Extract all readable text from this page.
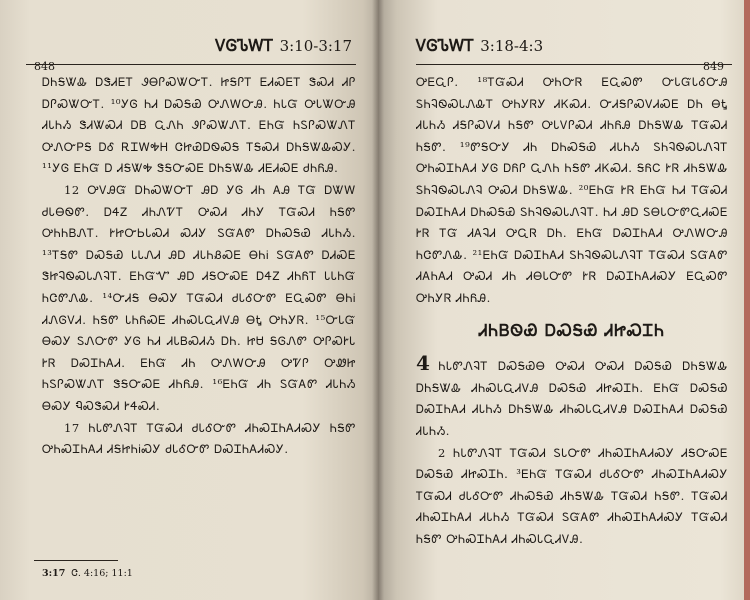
848
ᏙᎶᏖᎳᎢ 3:10-3:17

ᎠᏂᎦᏔᎲ ᎠᏕᏗᎬᎢ ᏭᎾᎵᏍᏔᏅᎢ. ᏥᎦᎵᎢ ᎬᏗᏍᎬᎢ ᏕᏍᏗ ᏗᎵ ᎠᎵᏍᏔᏅᎢ. ¹⁰ᎩᎶ ᏂᏗ ᎠᏍᎦᏯ ᎤᏁᎳᏅᎯ. ᏂᏓᏳ ᎤᏓᏔᏅᎯ ᏗᏓᏂᏱ ᏕᏗᏔᏍᏗ ᎠᏴ ᏩᏁᏂ ᏭᎵᏍᏔᏁᎢ. ᎬᏂᏳ ᏂᏚᎵᏍᏔᏁᎢ ᎤᏁᏅᏢᎦ ᎠᎴ ᎡᏆᎳᎭᎻ ᏣᏥᏯᎠᏫᏍᎦ ᎢᎦᏍᏗ ᎠᏂᎦᏔᎲᏍᎩ. ¹¹ᎩᎶ ᎬᏂᏳ Ꭰ ᏗᎦᏔᎭ ᏕᎦᏅᏍᎬ ᎠᏂᎦᏔᎲ ᏗᎬᏗᏍᎬ ᏧᏂᏲᎯ.

12 ᎤᏙᎯᏳ ᎠᏂᏍᏔᏅᎢ ᎯᎠ ᎩᎶ ᏗᏂ ᎪᎯ ᎢᏳ ᎠᏔᎳ ᏧᏓᎾᏫᏛ. ᎠᏎᏃ ᏗᏂᏁᏤᎢ ᎤᏍᏗ ᏗᏂᎩ ᎢᏳᏍᏗ ᏂᎦᏛ ᎤᏂᏂᏴᏁᎢ. ᎨᏥᏅᏏᏓᏍᏗ ᏍᏗᎩ ᏚᏳᎪᏛ ᎠᏂᏍᎦᏯ ᏗᏓᏂᏱ. ¹³ᎢᎦᏛ ᎠᏍᎦᏯ ᏓᏓᏁᏗ ᎯᎠ ᏗᏓᏂᏰᏍᎬ ᎾᏂᎥ ᏚᏳᎪᏛ ᎠᏗᏍᎬ ᏕᏥᎸᏫᏍᏓᏁᎸᎢ. ᎬᏂᏳᏉ ᎯᎠ ᏗᎦᏅᏍᎬ ᎠᏎᏃ ᏗᏂᏲᎢ ᏓᏓᏂᏳ ᏂᏣᏛᏁᎲ. ¹⁴ᏅᏗᎦ ᎾᏍᎩ ᎢᏳᏍᏗ ᏧᏓᎴᏅᏛ ᎬᏩᏍᏛ ᎾᏂᎥ ᏗᏁᎶᏙᏗ. ᏂᎦᏛ ᏓᏂᏲᏍᎬ ᏗᏂᏍᏓᏩᏗᏙᎯ ᎾᎿ ᎤᏂᎩᏒ. ¹⁵ᏅᏓᏳ ᎾᏍᎩ ᏚᏁᏅᏛ ᎩᎶ ᏂᏗ ᏗᏓᏴᏍᏗᏱ ᎠᏂ. ᏥᏌ ᎦᎶᏁᏛ ᎤᎵᏍᎨᏓ ᎨᏒ ᎠᏍᏆᏂᎪᏗ. ᎬᏂᏳ ᏗᏂ ᎤᏁᎳᏅᎯ ᎤᏤᎵ ᎤᏪᏥ ᏂᏚᎵᏍᏔᏁᎢ ᏕᎦᏅᏍᎬ ᏗᏂᏲᎯ. ¹⁶ᎬᏂᏳ ᏗᏂ ᏚᏳᎪᏛ ᏗᏓᏂᏱ ᎾᏍᎩ ᏄᏍᏕᏍᏗ ᎨᏎᏍᏗ.

17 ᏂᏓᏛᏁᎸᎢ ᎢᏳᏍᏗ ᏧᏓᎴᏅᏛ ᏗᏂᏍᏆᏂᎪᏗᏍᎩ ᏂᎦᏛ ᎤᏂᏍᏆᏂᎪᏗ ᏗᎦᏥᏂᎥᏍᎩ ᏧᏓᎴᏅᏛ ᎠᏍᏆᏂᎪᏗᏍᎩ.

3:17 Ꮳ. 4:16; 11:1
ᏙᎶᏖᎳᎢ 3:18-4:3
849

ᎤᎬᏩᎵ. ¹⁸ᎢᏳᏍᏗ ᎤᏂᏅᏒ ᎬᏩᏍᏛ ᏅᏓᏳᏓᎴᏅᎯ ᏚᏂᎸᏫᏍᏓᏁᎲᎢ ᎤᏂᎩᏒᎩ ᏗᏦᏍᏗ. ᏅᏗᎦᎵᏍᏙᏗᏍᎬ ᎠᏂ ᎾᎿ ᏗᏓᏂᏱ ᏗᎦᎵᏍᏙᏗ ᏂᎦᏛ ᎤᏓᏙᎵᏍᏗ ᏗᏂᏲᎯ ᎠᏂᎦᏔᎲ ᎢᏳᏍᏗ ᏂᎦᏛ. ¹⁹ᏛᎦᏅᎩ ᏗᏂ ᎠᏂᏍᎦᏯ ᏗᏓᏂᏱ ᏚᏂᎸᏫᏍᏓᏁᎸᎢ ᎤᏂᏍᏆᏂᎪᏗ ᎩᎶ ᎠᏲᎵ ᏩᏁᏂ ᏂᎦᏛ ᏗᏦᏍᏗ. ᎦᏲᏟ ᎨᏒ ᏗᏂᎦᏔᎲ ᏚᏂᎸᏫᏍᏓᏁᎸ ᎤᏍᏗ ᎠᏂᎦᏔᎲ. ²⁰ᎬᏂᏳ ᎨᏒ ᎬᏂᏳ ᏂᏗ ᎢᏳᏍᏗ ᎠᏍᏆᏂᎪᏗ ᎠᏂᏍᎦᏯ ᏚᏂᎸᏫᏍᏓᏁᎸᎢ. ᏂᏗ ᎯᎠ ᏚᎾᏓᏅᏛᏩᏗᏍᎬ ᎨᏒ ᎢᏳ ᏗᎪᎸᏗ ᎤᏩᏒ ᎠᏂ. ᎬᏂᏳ ᎠᏍᏆᏂᎪᏗ ᎤᏁᎳᏅᎯ ᏂᏣᏛᏁᎲ. ²¹ᎬᏂᏳ ᎠᏍᏆᏂᎪᏗ ᏚᏂᎸᏫᏍᏓᏁᎸᎢ ᎢᏳᏍᏗ ᏚᏳᎪᏛ ᏗᎪᏂᎪᏗ ᎤᏍᏗ ᏗᏂ ᏗᎾᏓᏅᏛ ᎨᏒ ᎠᏍᏆᏂᎪᏗᏍᎩ ᎬᏩᏍᏛ ᎤᏂᎩᏒ ᏗᏂᏲᎯ.

ᏗᏂᏴᏫᏯ ᎠᏍᎦᏯ ᏗᏥᏍᏆᏂ

4 ᏂᏓᏛᏁᎸᎢ ᎠᏍᎦᏯᎾ ᎤᏍᏗ ᎤᏍᏗ ᎠᏍᎦᏯ ᎠᏂᎦᏔᎲ ᎠᏂᎦᏔᎲ ᏗᏂᏍᏓᏩᏗᏙᎯ ᎠᏍᎦᏯ ᏗᏥᏍᏆᏂ. ᎬᏂᏳ ᎠᏍᎦᏯ ᎠᏍᏆᏂᎪᏗ ᏗᏓᏂᏱ ᎠᏂᎦᏔᎲ ᏗᏂᏍᏓᏩᏗᏙᎯ ᎠᏍᏆᏂᎪᏗ ᎠᏍᎦᏯ ᏗᏓᏂᏱ.

2 ᏂᏓᏛᏁᎸᎢ ᎢᏳᏍᏗ ᏚᏓᏅᏛ ᏗᏂᏍᏆᏂᎪᏗᏍᎩ ᏗᎦᏅᏍᎬ ᎠᏍᎦᏯ ᏗᏥᏍᏆᏂ. ³ᎬᏂᏳ ᎢᏳᏍᏗ ᏧᏓᎴᏅᏛ ᏗᏂᏍᏆᏂᎪᏗᏍᎩ ᎢᏳᏍᏗ ᏧᏓᎴᏅᏛ ᏗᏂᏍᎦᏯ ᏗᏂᎦᏔᎲ ᎢᏳᏍᏗ ᏂᎦᏛ. ᎢᏳᏍᏗ ᏗᏂᏍᏆᏂᎪᏗ ᏗᏓᏂᏱ ᎢᏳᏍᏗ ᏚᏳᎪᏛ ᏗᏂᏍᏆᏂᎪᏗᏍᎩ ᎢᏳᏍᏗ ᏂᎦᏛ ᎤᏂᏍᏆᏂᎪᏗ ᏗᏂᏍᏓᏩᏗᏙᎯ.
